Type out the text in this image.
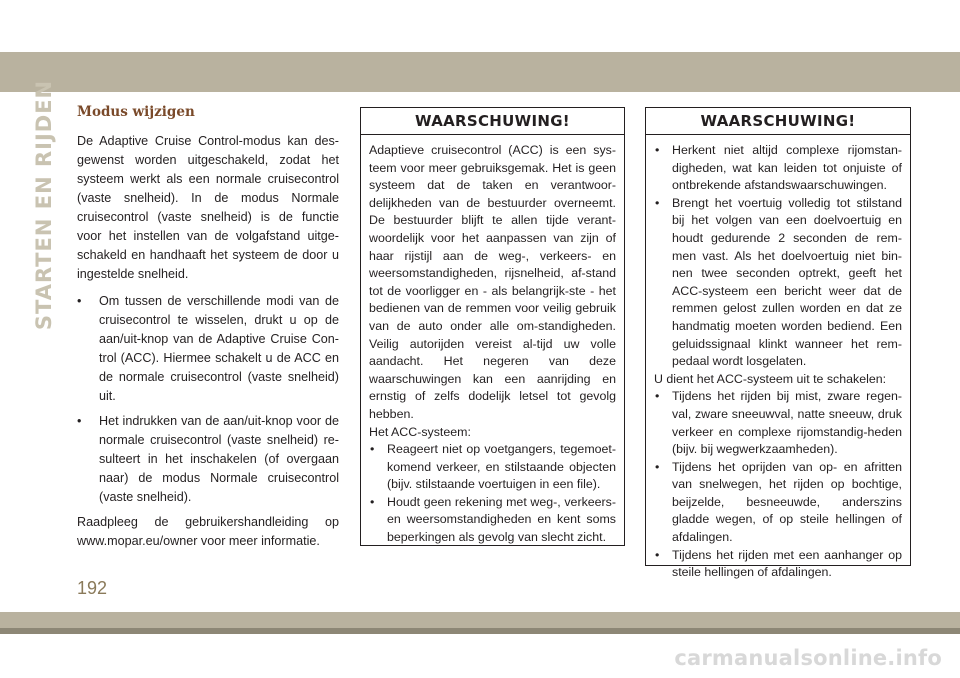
STARTEN EN RIJDEN Modus wijzigen

De Adaptive Cruise Control-modus kan des-gewenst worden uitgeschakeld, zodat het systeem werkt als een normale cruisecontrol (vaste snelheid). In de modus Normale cruisecontrol (vaste snelheid) is de functie voor het instellen van de volgafstand uitge-schakeld en handhaaft het systeem de door u ingestelde snelheid.

• Om tussen de verschillende modi van de cruisecontrol te wisselen, drukt u op de aan/uit-knop van de Adaptive Cruise Con-trol (ACC). Hiermee schakelt u de ACC en de normale cruisecontrol (vaste snelheid) uit.
• Het indrukken van de aan/uit-knop voor de normale cruisecontrol (vaste snelheid) re-sulteert in het inschakelen (of overgaan naar) de modus Normale cruisecontrol (vaste snelheid).

Raadpleeg de gebruikershandleiding op www.mopar.eu/owner voor meer informatie.

WAARSCHUWING!

Adaptieve cruisecontrol (ACC) is een sys-teem voor meer gebruiksgemak. Het is geen systeem dat de taken en verantwoor-delijkheden van de bestuurder overneemt. De bestuurder blijft te allen tijde verant-woordelijk voor het aanpassen van zijn of haar rijstijl aan de weg-, verkeers- en weersomstandigheden, rijsnelheid, af-stand tot de voorligger en - als belangrijk-ste - het bedienen van de remmen voor veilig gebruik van de auto onder alle om-standigheden. Veilig autorijden vereist al-tijd uw volle aandacht. Het negeren van deze waarschuwingen kan een aanrijding en ernstig of zelfs dodelijk letsel tot gevolg hebben.

Het ACC-systeem:

• Reageert niet op voetgangers, tegemoet-komend verkeer, en stilstaande objecten (bijv. stilstaande voertuigen in een file).
• Houdt geen rekening met weg-, verkeers- en weersomstandigheden en kent soms beperkingen als gevolg van slecht zicht.
WAARSCHUWING!
• Herkent niet altijd complexe rijomstan-digheden, wat kan leiden tot onjuiste of ontbrekende afstandswaarschuwingen.
• Brengt het voertuig volledig tot stilstand bij het volgen van een doelvoertuig en houdt gedurende 2 seconden de rem-men vast. Als het doelvoertuig niet bin-nen twee seconden optrekt, geeft het ACC-systeem een bericht weer dat de remmen gelost zullen worden en dat ze handmatig moeten worden bediend. Een geluidssignaal klinkt wanneer het rem-pedaal wordt losgelaten.

U dient het ACC-systeem uit te schakelen:

• Tijdens het rijden bij mist, zware regen-val, zware sneeuwval, natte sneeuw, druk verkeer en complexe rijomstandig-heden (bijv. bij wegwerkzaamheden).
• Tijdens het oprijden van op- en afritten van snelwegen, het rijden op bochtige, beijzelde, besneeuwde, anderszins gladde wegen, of op steile hellingen of afdalingen.
• Tijdens het rijden met een aanhanger op steile hellingen of afdalingen.
192
carmanualsonline.info
